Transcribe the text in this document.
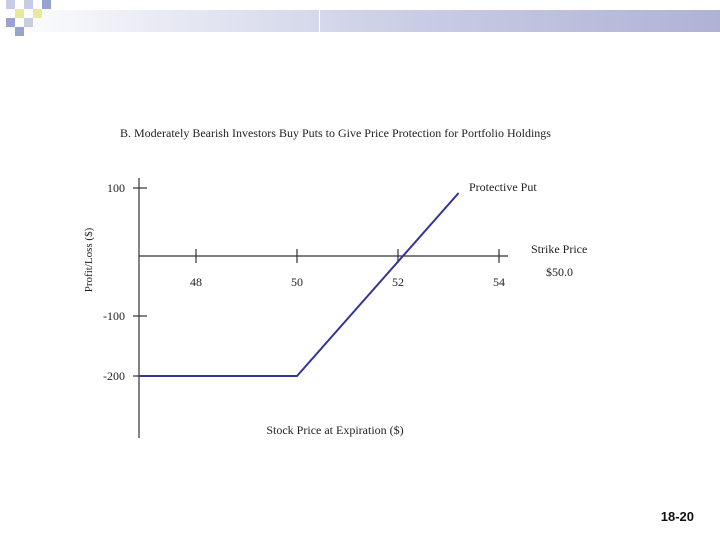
B. Moderately Bearish Investors Buy Puts to Give Price Protection for Portfolio Holdings
48	50	52	54
100
-100
-200
Profit/Loss ($)
Stock Price at Expiration ($)
Protective Put
Strike Price
$50.0
18-20
